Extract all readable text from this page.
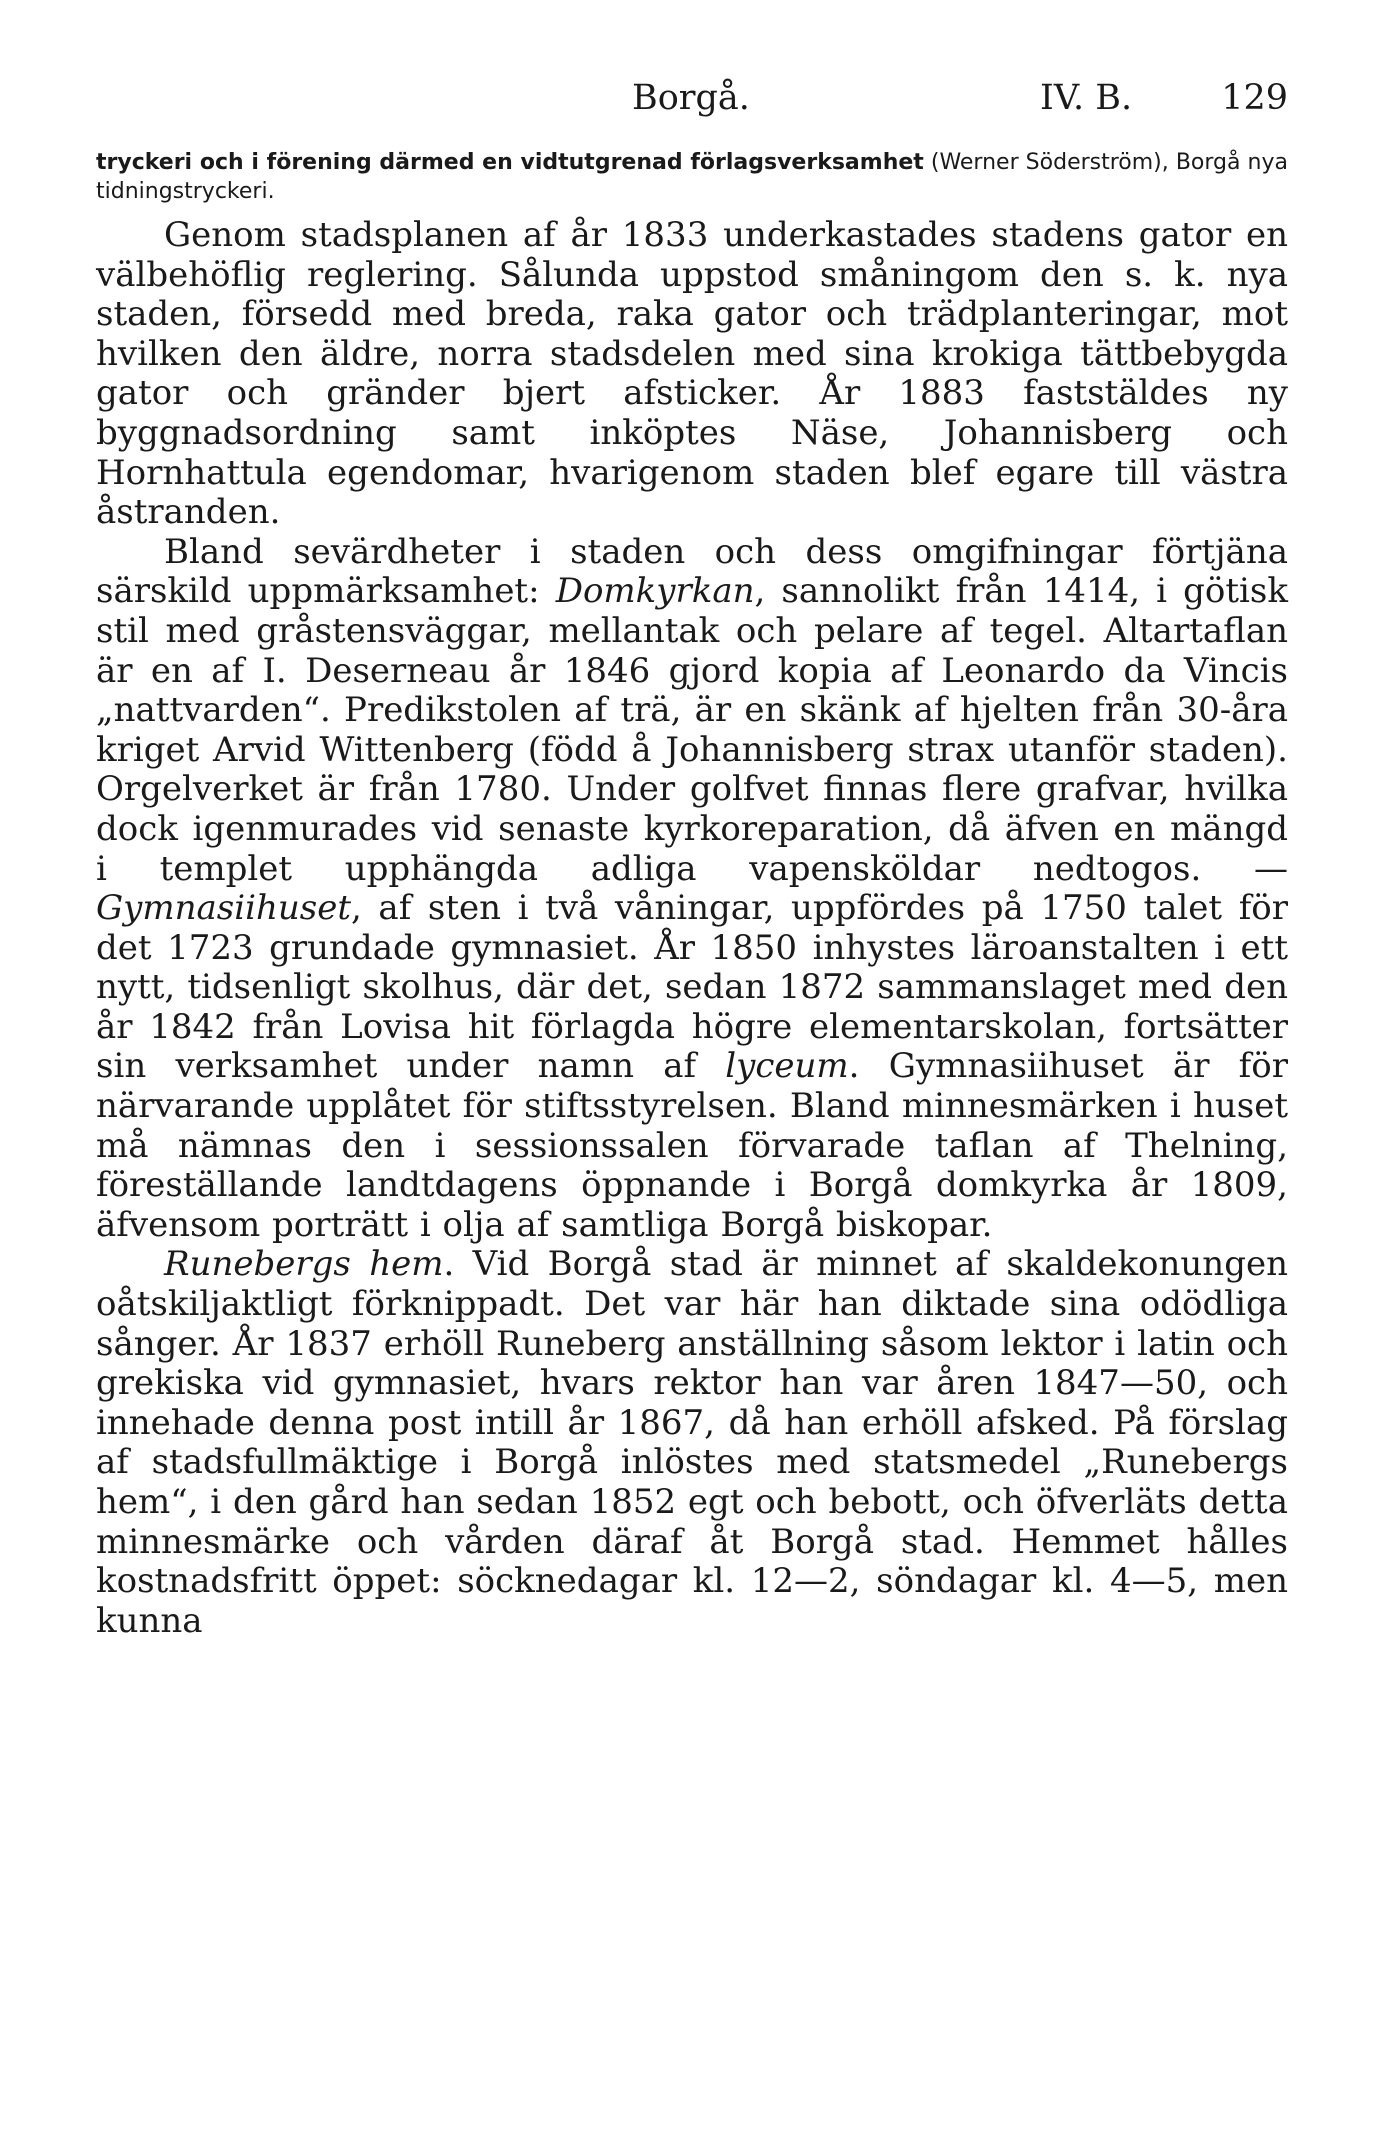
Borgå.	IV. B.	129
tryckeri och i förening därmed en vidtutgrenad förlagsverksamhet (Werner Söderström), Borgå nya tidningstryckeri.

Genom stadsplanen af år 1833 underkastades stadens gator en välbehöflig reglering. Sålunda uppstod småningom den s. k. nya staden, försedd med breda, raka gator och trädplanteringar, mot hvilken den äldre, norra stadsdelen med sina krokiga tättbebygda gator och gränder bjert afsticker. År 1883 faststäldes ny byggnadsordning samt inköptes Näse, Johannisberg och Hornhattula egendomar, hvarigenom staden blef egare till västra åstranden.

Bland sevärdheter i staden och dess omgifningar förtjäna särskild uppmärksamhet: Domkyrkan, sannolikt från 1414, i götisk stil med gråstensväggar, mellantak och pelare af tegel. Altartaflan är en af I. Deserneau år 1846 gjord kopia af Leonardo da Vincis „nattvarden“. Predikstolen af trä, är en skänk af hjelten från 30-åra kriget Arvid Wittenberg (född å Johannisberg strax utanför staden). Orgelverket är från 1780. Under golfvet finnas flere grafvar, hvilka dock igenmurades vid senaste kyrkoreparation, då äfven en mängd i templet upphängda adliga vapensköldar nedtogos. — Gymnasiihuset, af sten i två våningar, uppfördes på 1750 talet för det 1723 grundade gymnasiet. År 1850 inhystes läroanstalten i ett nytt, tidsenligt skolhus, där det, sedan 1872 sammanslaget med den år 1842 från Lovisa hit förlagda högre elementarskolan, fortsätter sin verksamhet under namn af lyceum. Gymnasiihuset är för närvarande upplåtet för stiftsstyrelsen. Bland minnesmärken i huset må nämnas den i sessionssalen förvarade taflan af Thelning, föreställande landtdagens öppnande i Borgå domkyrka år 1809, äfvensom porträtt i olja af samtliga Borgå biskopar.

Runebergs hem. Vid Borgå stad är minnet af skaldekonungen oåtskiljaktligt förknippadt. Det var här han diktade sina odödliga sånger. År 1837 erhöll Runeberg anställning såsom lektor i latin och grekiska vid gymnasiet, hvars rektor han var åren 1847—50, och innehade denna post intill år 1867, då han erhöll afsked. På förslag af stadsfullmäktige i Borgå inlöstes med statsmedel „Runebergs hem“, i den gård han sedan 1852 egt och bebott, och öfverläts detta minnesmärke och vården däraf åt Borgå stad. Hemmet hålles kostnadsfritt öppet: söcknedagar kl. 12—2, söndagar kl. 4—5, men kunna
